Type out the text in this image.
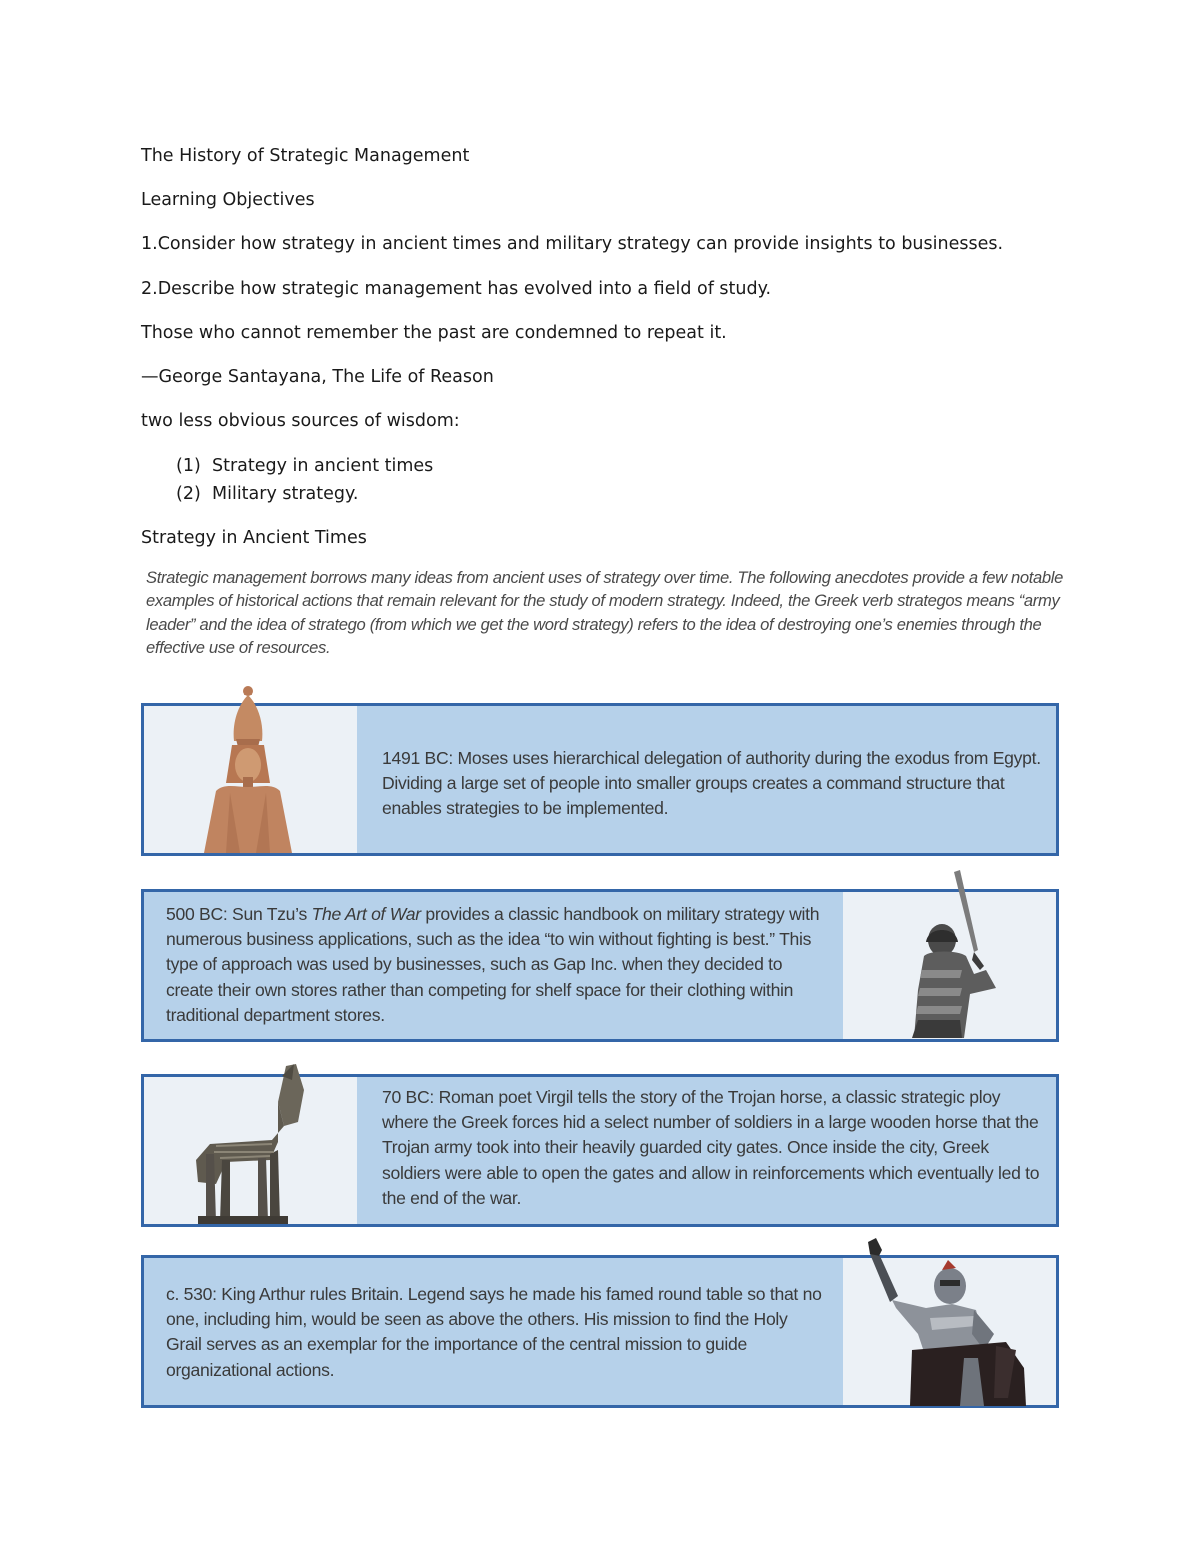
The History of Strategic Management
Learning Objectives
1.Consider how strategy in ancient times and military strategy can provide insights to businesses.
2.Describe how strategic management has evolved into a field of study.
Those who cannot remember the past are condemned to repeat it.
—George Santayana, The Life of Reason
two less obvious sources of wisdom:
(1) Strategy in ancient times
(2) Military strategy.
Strategy in Ancient Times
Strategic management borrows many ideas from ancient uses of strategy over time. The following anecdotes provide a few notable examples of historical actions that remain relevant for the study of modern strategy. Indeed, the Greek verb strategos means “army leader” and the idea of stratego (from which we get the word strategy) refers to the idea of destroying one’s enemies through the effective use of resources.
1491 BC: Moses uses hierarchical delegation of authority during the exodus from Egypt. Dividing a large set of people into smaller groups creates a command structure that enables strategies to be implemented.
500 BC: Sun Tzu’s The Art of War provides a classic handbook on military strategy with numerous business applications, such as the idea “to win without fighting is best.” This type of approach was used by businesses, such as Gap Inc. when they decided to create their own stores rather than competing for shelf space for their clothing within traditional department stores.
70 BC: Roman poet Virgil tells the story of the Trojan horse, a classic strategic ploy where the Greek forces hid a select number of soldiers in a large wooden horse that the Trojan army took into their heavily guarded city gates. Once inside the city, Greek soldiers were able to open the gates and allow in reinforcements which eventually led to the end of the war.
c. 530: King Arthur rules Britain. Legend says he made his famed round table so that no one, including him, would be seen as above the others. His mission to find the Holy Grail serves as an exemplar for the importance of the central mission to guide organizational actions.
